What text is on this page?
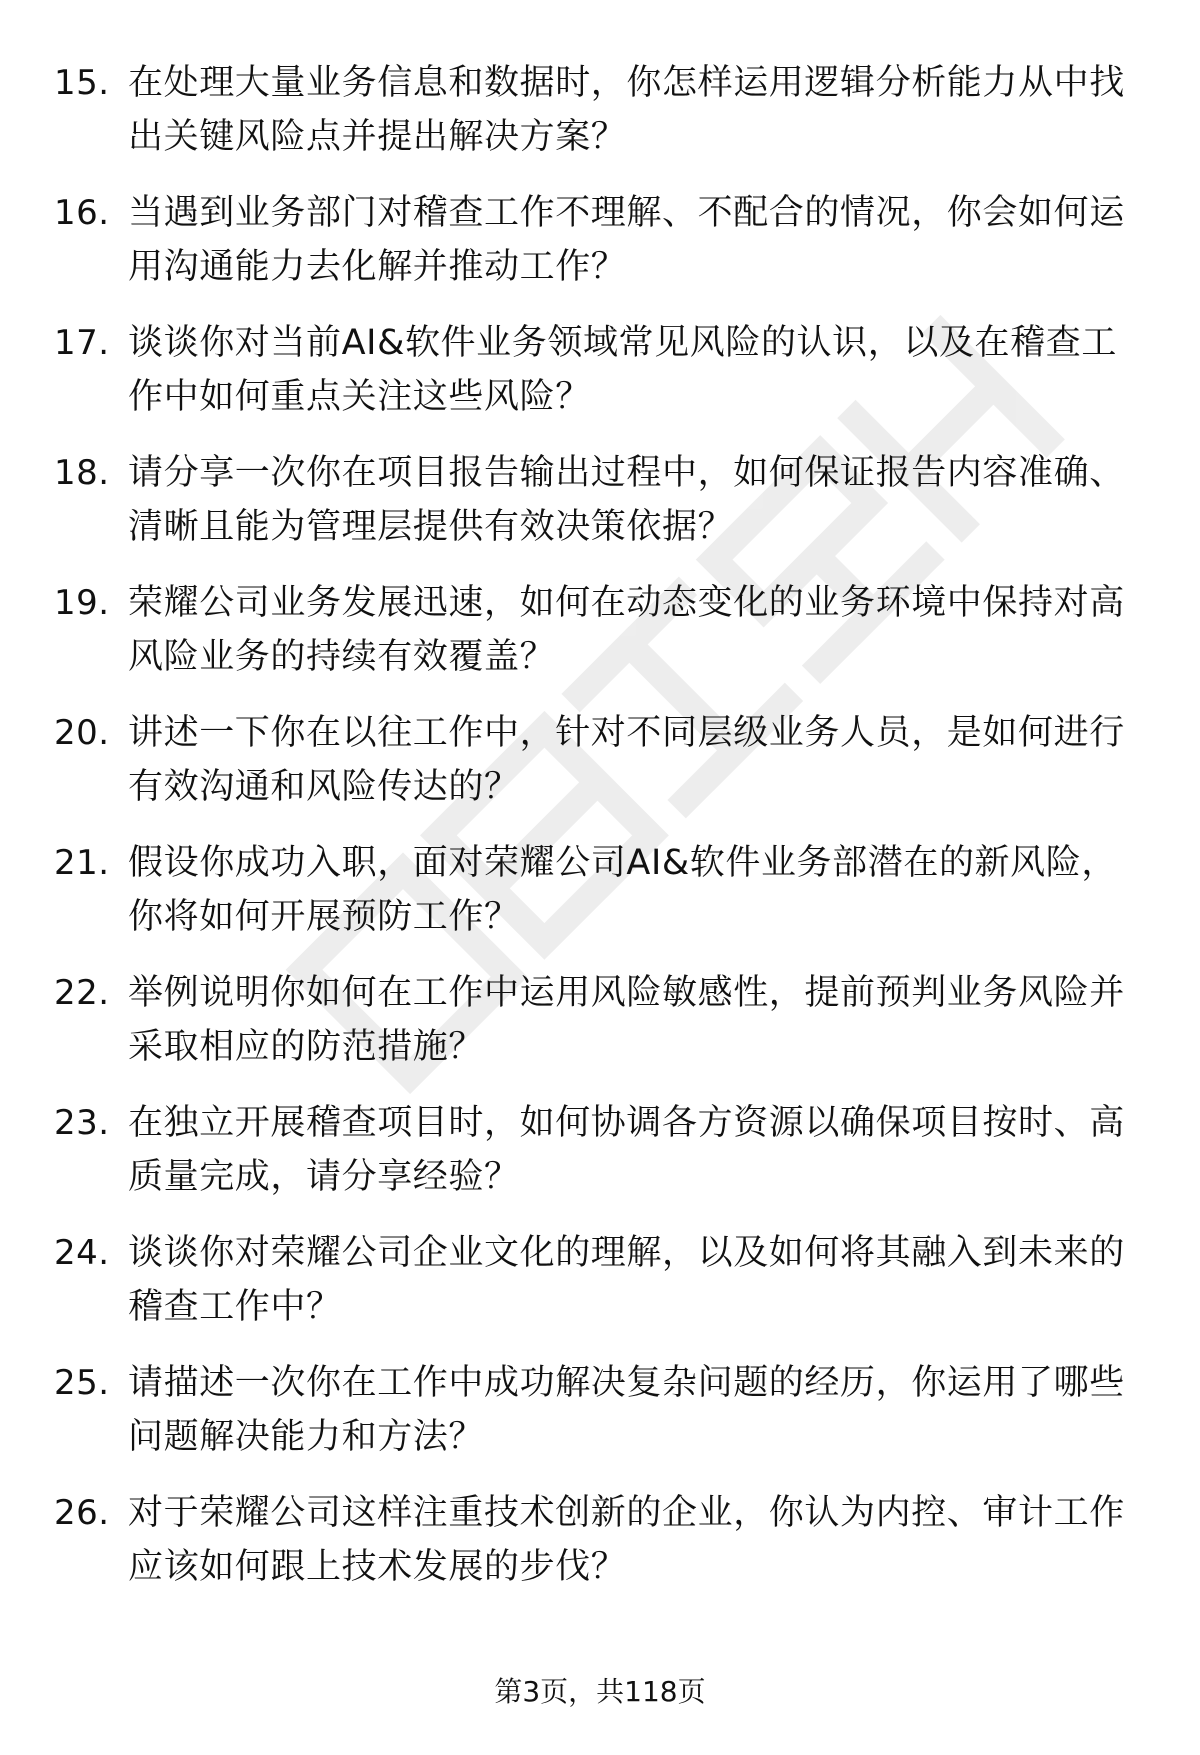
15. 在处理大量业务信息和数据时，你怎样运用逻辑分析能力从中找
出关键风险点并提出解决方案？
16. 当遇到业务部门对稽查工作不理解、不配合的情况，你会如何运
用沟通能力去化解并推动工作？
17. 谈谈你对当前AI&软件业务领域常见风险的认识，以及在稽查工
作中如何重点关注这些风险？
18. 请分享一次你在项目报告输出过程中，如何保证报告内容准确、
清晰且能为管理层提供有效决策依据？
19. 荣耀公司业务发展迅速，如何在动态变化的业务环境中保持对高
风险业务的持续有效覆盖？
20. 讲述一下你在以往工作中，针对不同层级业务人员，是如何进行
有效沟通和风险传达的？
21. 假设你成功入职，面对荣耀公司AI&软件业务部潜在的新风险，
你将如何开展预防工作？
22. 举例说明你如何在工作中运用风险敏感性，提前预判业务风险并
采取相应的防范措施？
23. 在独立开展稽查项目时，如何协调各方资源以确保项目按时、高
质量完成，请分享经验？
24. 谈谈你对荣耀公司企业文化的理解，以及如何将其融入到未来的
稽查工作中？
25. 请描述一次你在工作中成功解决复杂问题的经历，你运用了哪些
问题解决能力和方法？
26. 对于荣耀公司这样注重技术创新的企业，你认为内控、审计工作
应该如何跟上技术发展的步伐？
第3页，共118页
